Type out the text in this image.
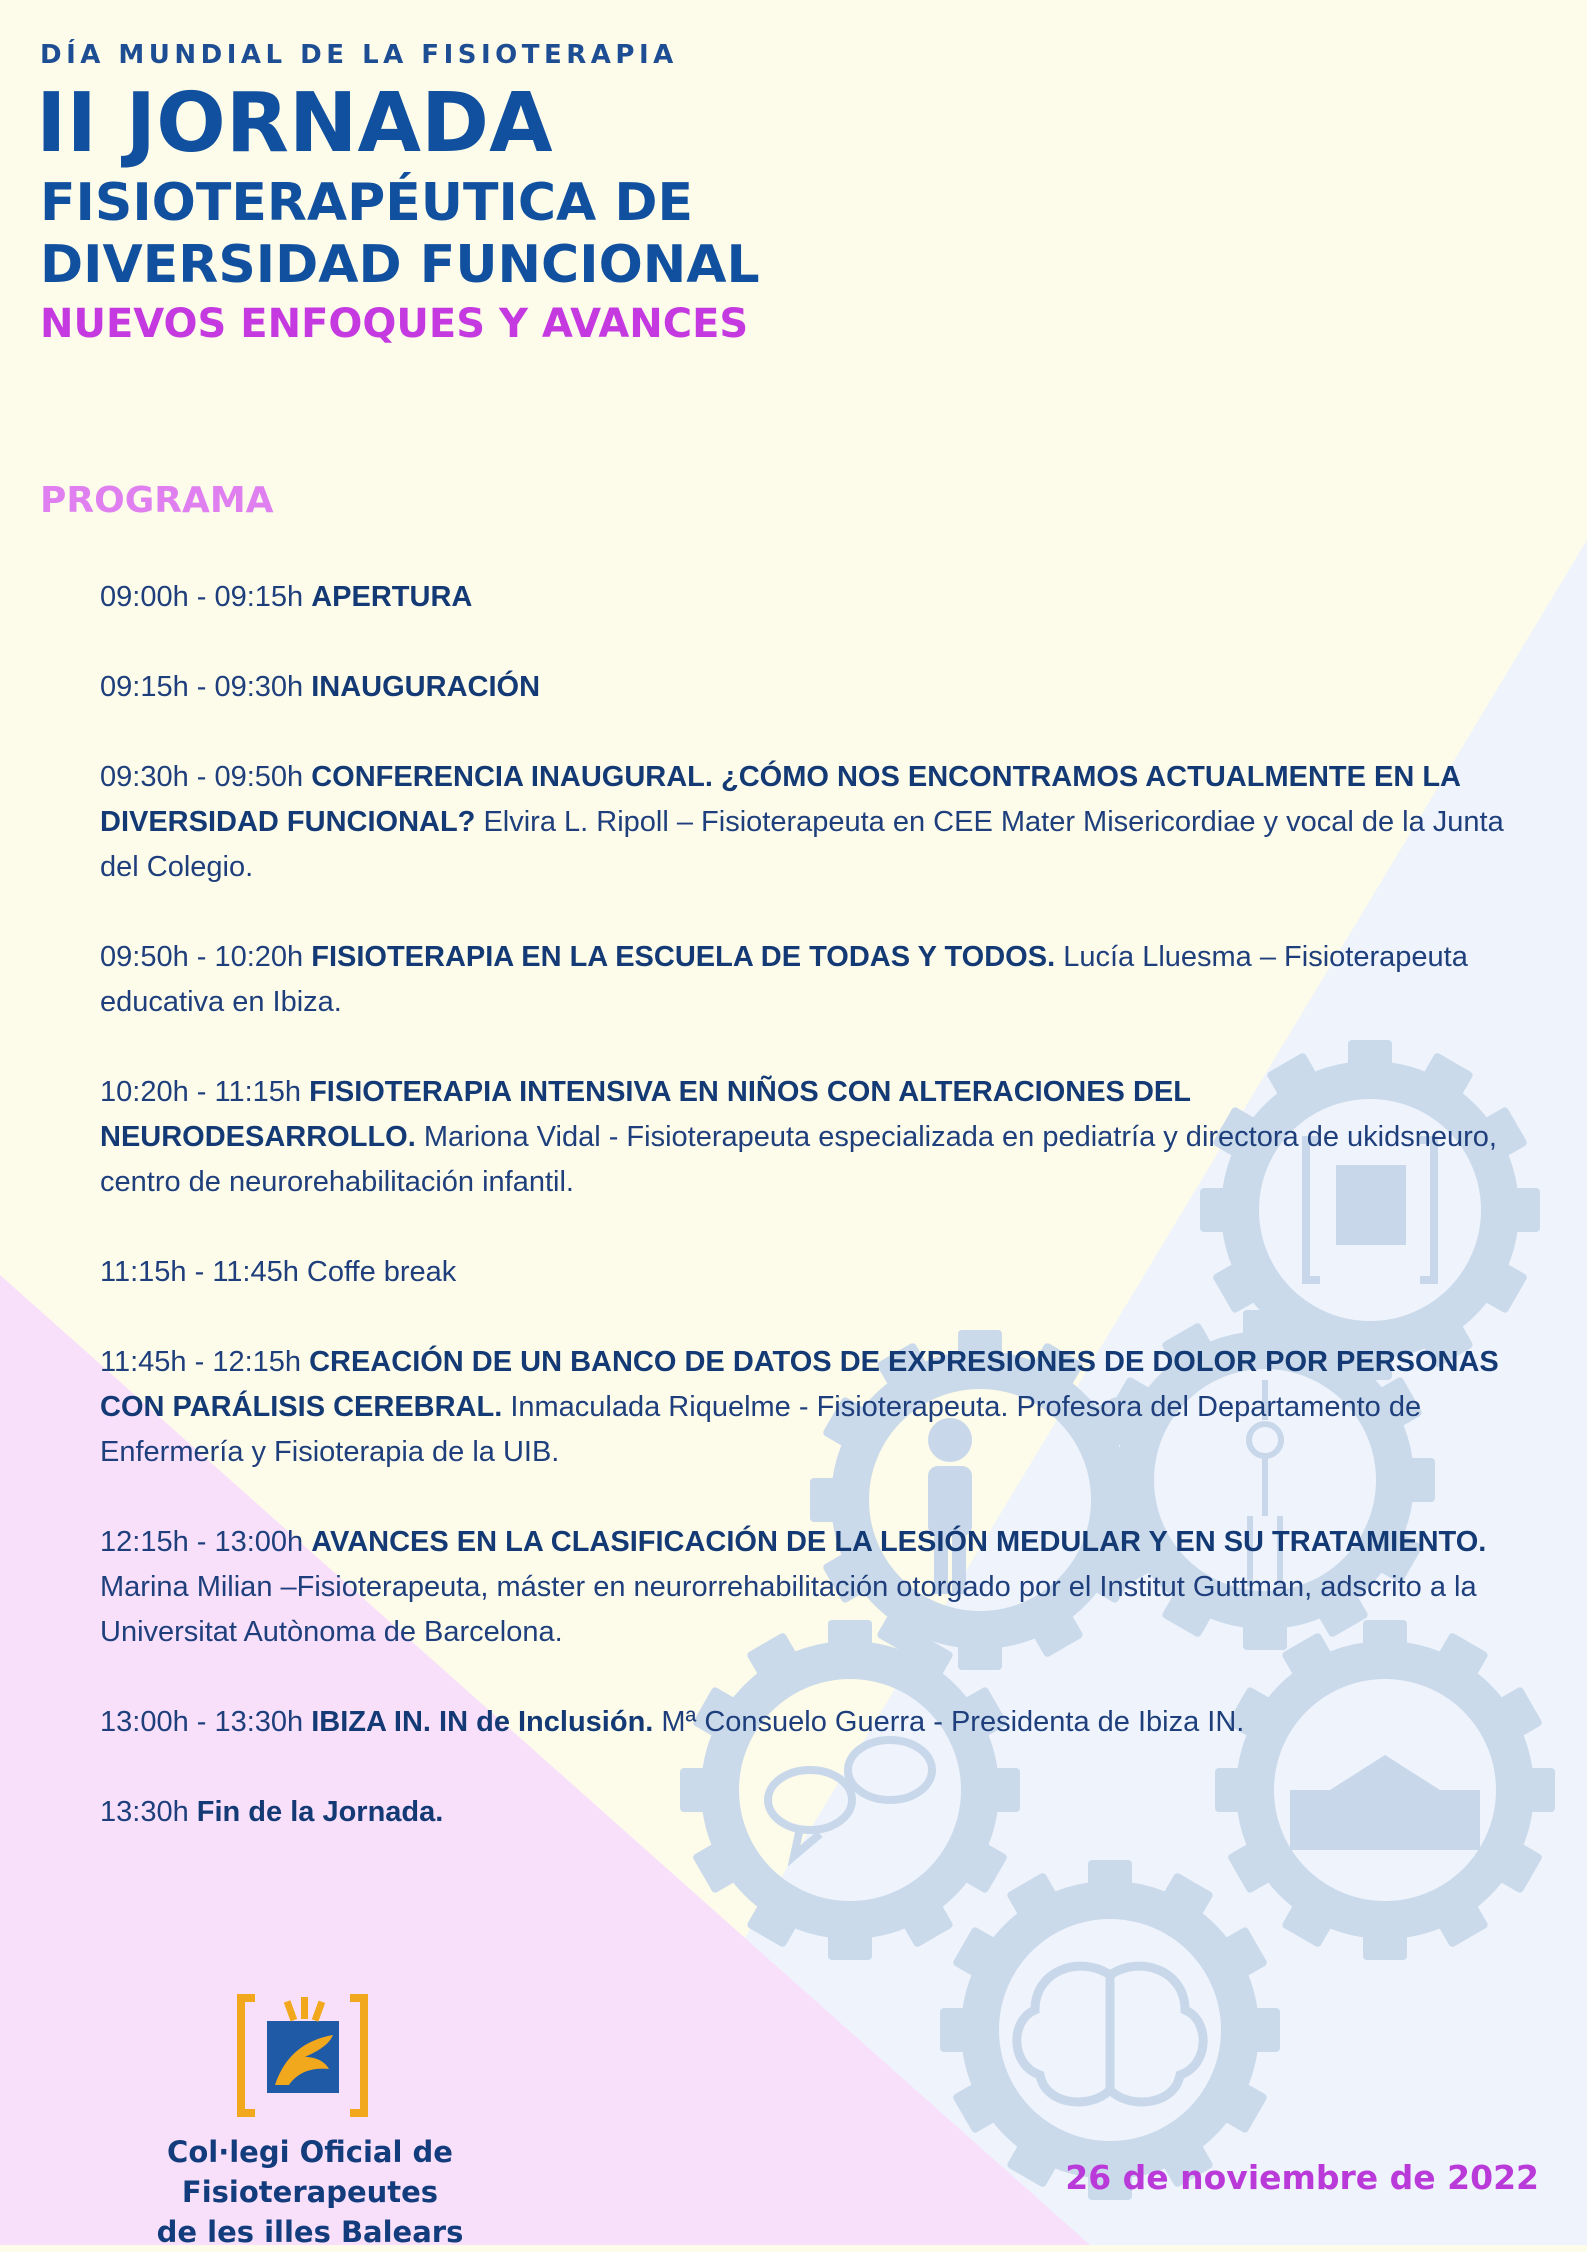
DÍA MUNDIAL DE LA FISIOTERAPIA

II JORNADA

FISIOTERAPÉUTICA DE

DIVERSIDAD FUNCIONAL

NUEVOS ENFOQUES Y AVANCES

PROGRAMA

09:00h - 09:15h APERTURA
09:15h - 09:30h INAUGURACIÓN
09:30h - 09:50h CONFERENCIA INAUGURAL. ¿CÓMO NOS ENCONTRAMOS ACTUALMENTE EN LA DIVERSIDAD FUNCIONAL? Elvira L. Ripoll – Fisioterapeuta en CEE Mater Misericordiae y vocal de la Junta del Colegio.
09:50h - 10:20h FISIOTERAPIA EN LA ESCUELA DE TODAS Y TODOS. Lucía Lluesma – Fisioterapeuta educativa en Ibiza.
10:20h - 11:15h FISIOTERAPIA INTENSIVA EN NIÑOS CON ALTERACIONES DEL NEURODESARROLLO. Mariona Vidal - Fisioterapeuta especializada en pediatría y directora de ukidsneuro, centro de neurorehabilitación infantil.
11:15h - 11:45h Coffe break
11:45h - 12:15h CREACIÓN DE UN BANCO DE DATOS DE EXPRESIONES DE DOLOR POR PERSONAS CON PARÁLISIS CEREBRAL. Inmaculada Riquelme - Fisioterapeuta. Profesora del Departamento de Enfermería y Fisioterapia de la UIB.
12:15h - 13:00h AVANCES EN LA CLASIFICACIÓN DE LA LESIÓN MEDULAR Y EN SU TRATAMIENTO. Marina Milian –Fisioterapeuta, máster en neurorrehabilitación otorgado por el Institut Guttman, adscrito a la Universitat Autònoma de Barcelona.
13:00h - 13:30h IBIZA IN. IN de Inclusión. Mª Consuelo Guerra - Presidenta de Ibiza IN.
13:30h Fin de la Jornada.
Col·legi Oficial de Fisioterapeutes
de les illes Balears
26 de noviembre de 2022
